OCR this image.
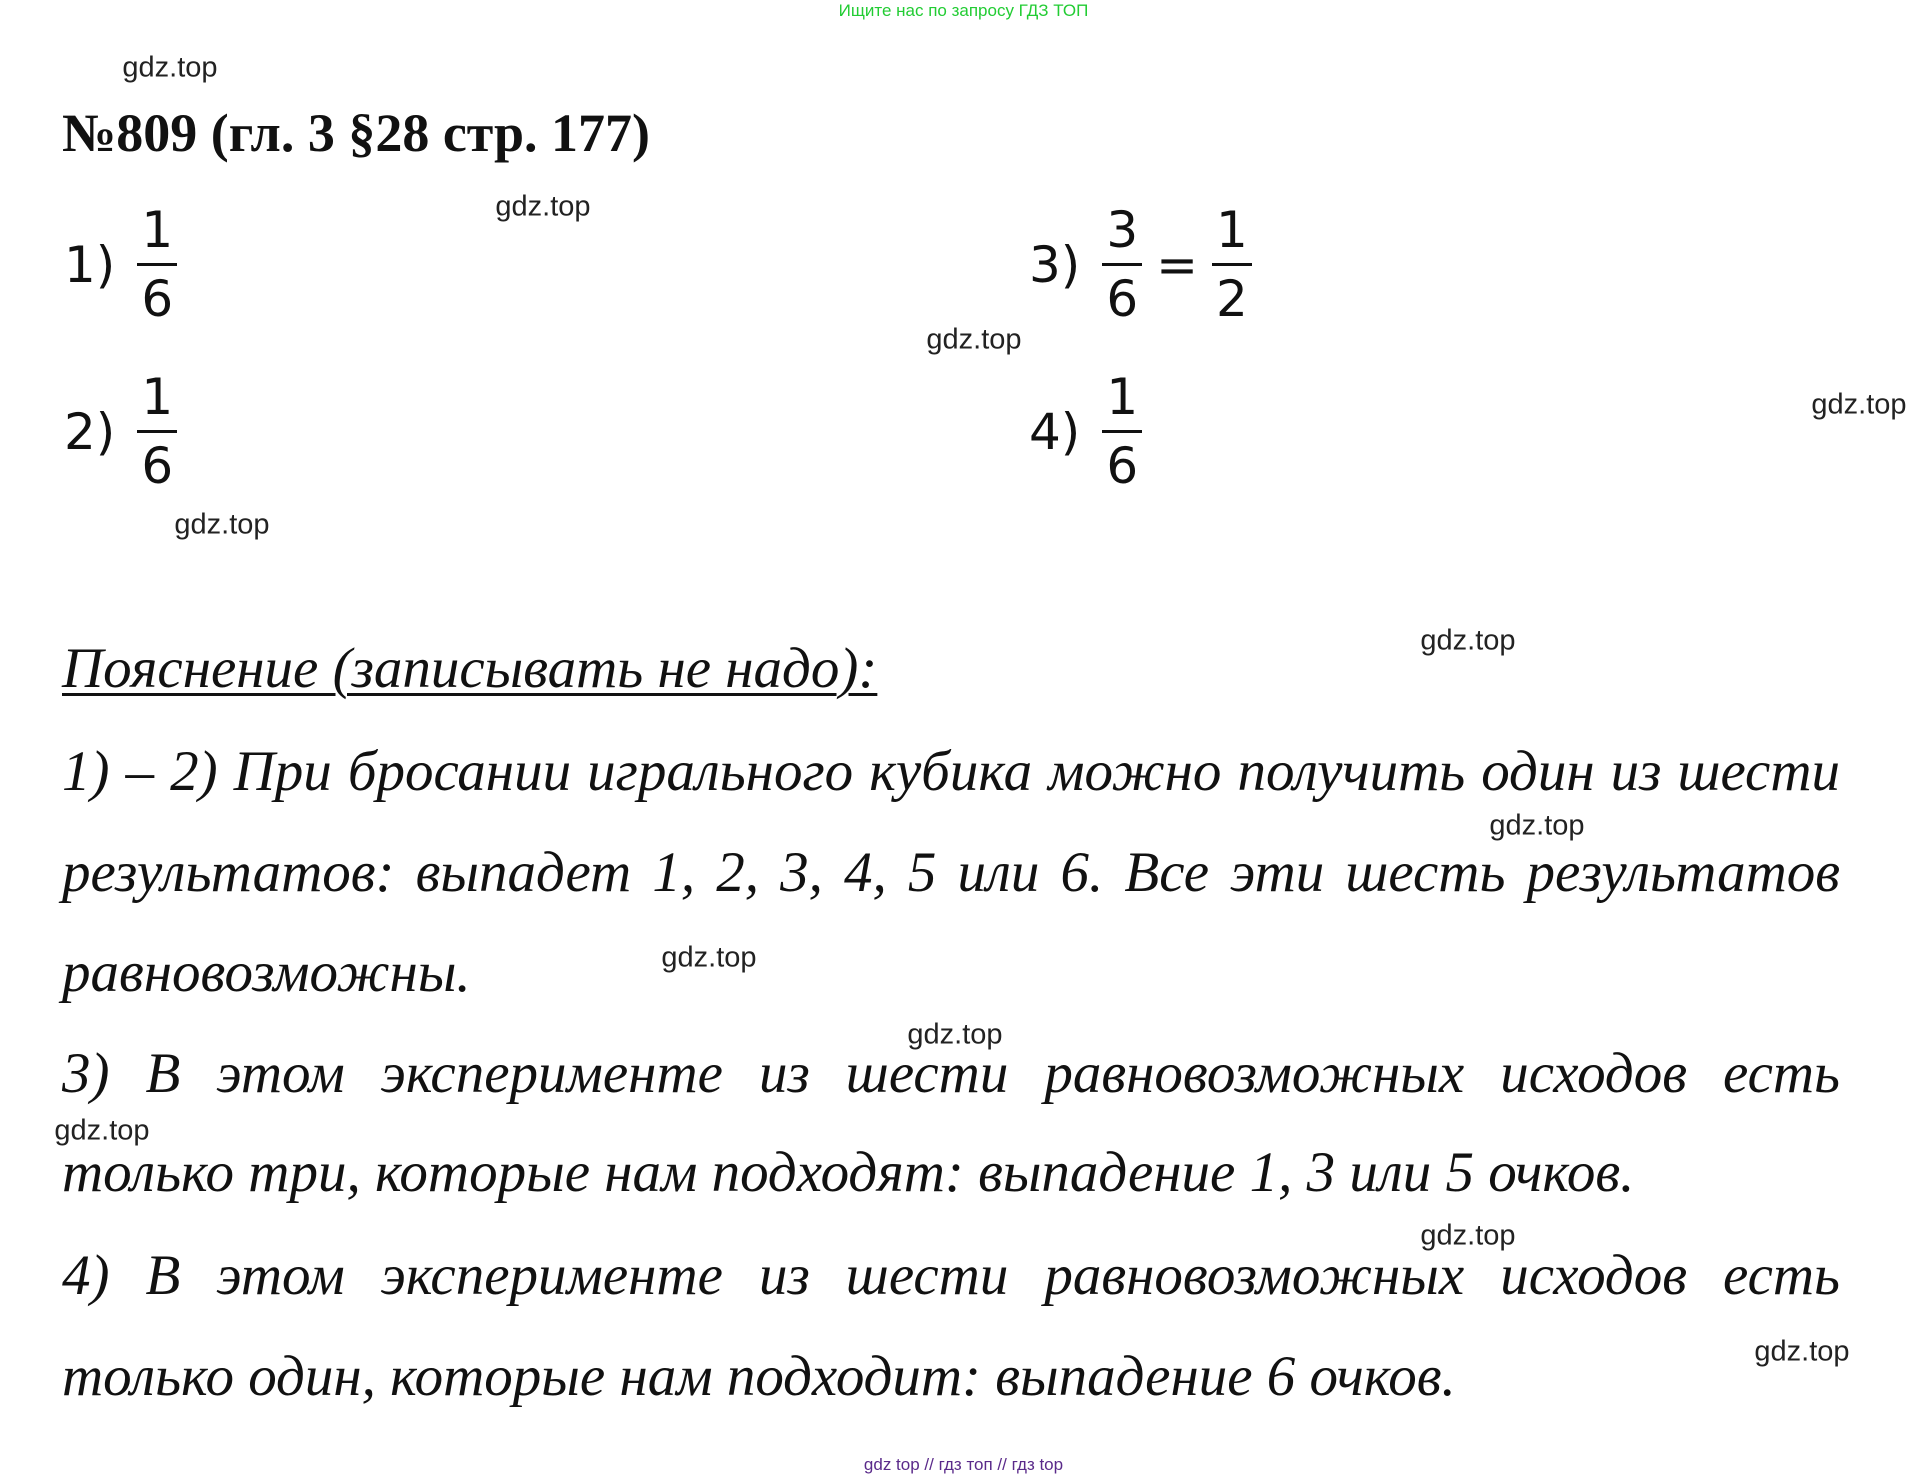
Ищите нас по запросу ГДЗ ТОП
№809 (гл. 3 §28 стр. 177)
$1) \frac{1}{6}$
$2) \frac{1}{6}$
$3) \frac{3}{6} = \frac{1}{2}$
$4) \frac{1}{6}$
Пояснение (записывать не надо):
1) – 2) При бросании игрального кубика можно получить один из шести
результатов: выпадет 1, 2, 3, 4, 5 или 6. Все эти шесть результатов
равновозможны.
3) В этом эксперименте из шести равновозможных исходов есть
только три, которые нам подходят: выпадение 1, 3 или 5 очков.
4) В этом эксперименте из шести равновозможных исходов есть
только один, которые нам подходит: выпадение 6 очков.
gdz.top
gdz.top
gdz.top
gdz.top
gdz.top
gdz.top
gdz.top
gdz.top
gdz.top
gdz.top
gdz.top
gdz.top
gdz top // гдз топ // гдз top
